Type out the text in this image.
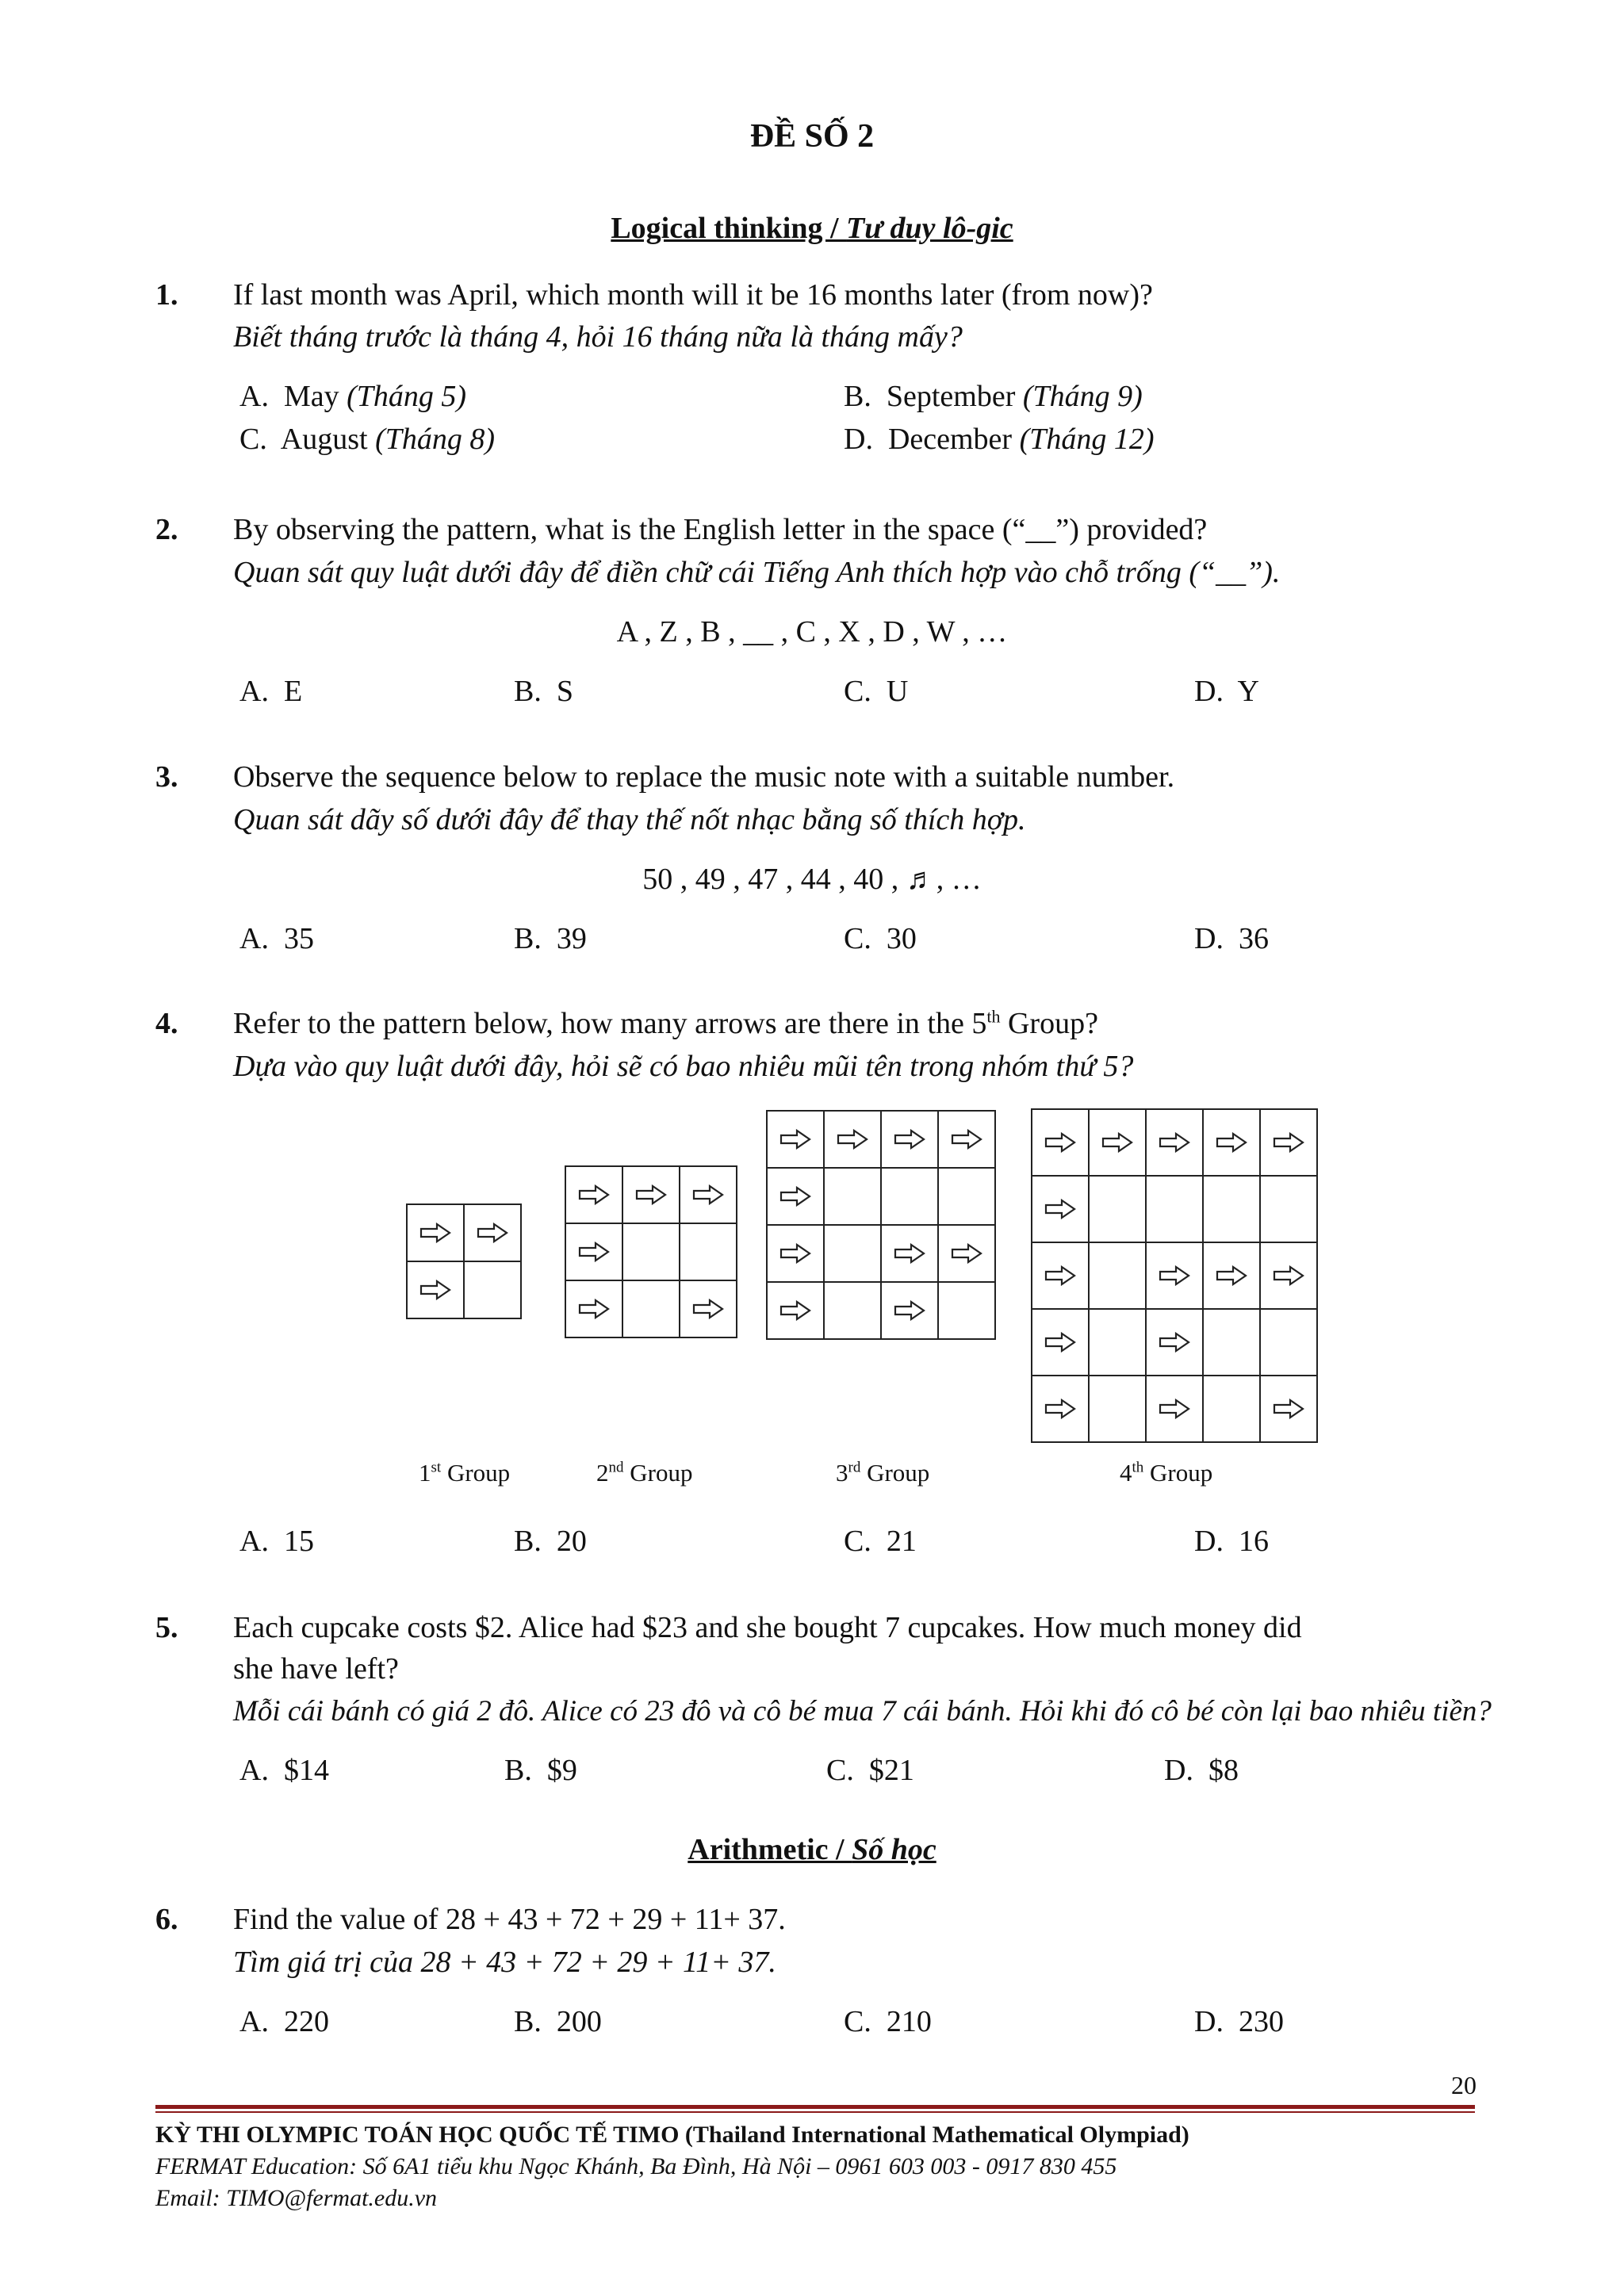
ĐỀ SỐ 2
Logical thinking / Tư duy lô-gic
1. If last month was April, which month will it be 16 months later (from now)?
Biết tháng trước là tháng 4, hỏi 16 tháng nữa là tháng mấy?
A. May (Tháng 5)	B. September (Tháng 9)
C. August (Tháng 8)	D. December (Tháng 12)
2. By observing the pattern, what is the English letter in the space (“__”) provided?
Quan sát quy luật dưới đây để điền chữ cái Tiếng Anh thích hợp vào chỗ trống (“__”).
A , Z , B , __ , C , X , D , W , …
A. E	B. S	C. U	D. Y
3. Observe the sequence below to replace the music note with a suitable number.
Quan sát dãy số dưới đây để thay thế nốt nhạc bằng số thích hợp.
50 , 49 , 47 , 44 , 40 , ♬, …
A. 35	B. 39	C. 30	D. 36
4. Refer to the pattern below, how many arrows are there in the 5th Group?
Dựa vào quy luật dưới đây, hỏi sẽ có bao nhiêu mũi tên trong nhóm thứ 5?
1st Group	2nd Group	3rd Group	4th Group
A. 15	B. 20	C. 21	D. 16
5. Each cupcake costs $2. Alice had $23 and she bought 7 cupcakes. How much money did
she have left?
Mỗi cái bánh có giá 2 đô. Alice có 23 đô và cô bé mua 7 cái bánh. Hỏi khi đó cô bé còn lại bao nhiêu tiền?
A. $14	B. $9	C. $21	D. $8
Arithmetic / Số học
6. Find the value of 28 + 43 + 72 + 29 + 11+ 37.
Tìm giá trị của 28 + 43 + 72 + 29 + 11+ 37.
A. 220	B. 200	C. 210	D. 230
20
KỲ THI OLYMPIC TOÁN HỌC QUỐC TẾ TIMO (Thailand International Mathematical Olympiad)
FERMAT Education: Số 6A1 tiểu khu Ngọc Khánh, Ba Đình, Hà Nội – 0961 603 003 - 0917 830 455
Email: TIMO@fermat.edu.vn
